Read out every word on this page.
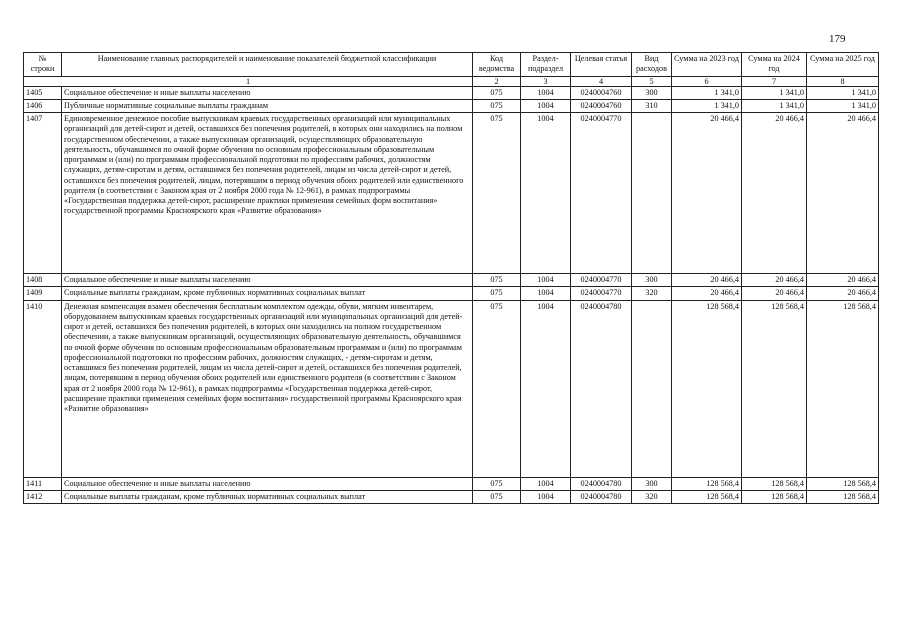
179
№ строки	Наименование главных распорядителей и наименование показателей бюджетной классификации	Код ведомства	Раздел-подраздел	Целевая статья	Вид расходов	Сумма на 2023 год	Сумма на 2024 год	Сумма на 2025 год
1		2	3	4	5	6	7	8
1405	Социальное обеспечение и иные выплаты населению	075	1004	0240004760	300	1 341,0	1 341,0	1 341,0
1406	Публичные нормативные социальные выплаты гражданам	075	1004	0240004760	310	1 341,0	1 341,0	1 341,0
1407	Единовременное денежное пособие выпускникам краевых государственных организаций или муниципальных организаций для детей-сирот и детей, оставшихся без попечения родителей, в которых они находились на полном государственном обеспечении, а также выпускникам организаций, осуществляющих образовательную деятельность, обучавшимся по очной форме обучения по основным профессиональным образовательным программам и (или) по программам профессиональной подготовки по профессиям рабочих, должностям служащих, детям-сиротам и детям, оставшимся без попечения родителей, лицам из числа детей-сирот и детей, оставшихся без попечения родителей, лицам, потерявшим в период обучения обоих родителей или единственного родителя (в соответствии с Законом края от 2 ноября 2000 года № 12-961), в рамках подпрограммы «Государственная поддержка детей-сирот, расширение практики применения семейных форм воспитания» государственной программы Красноярского края «Развитие образования»	075	1004	0240004770		20 466,4	20 466,4	20 466,4
1408	Социальное обеспечение и иные выплаты населению	075	1004	0240004770	300	20 466,4	20 466,4	20 466,4
1409	Социальные выплаты гражданам, кроме публичных нормативных социальных выплат	075	1004	0240004770	320	20 466,4	20 466,4	20 466,4
1410	Денежная компенсация взамен обеспечения бесплатным комплектом одежды, обуви, мягким инвентарем, оборудованием выпускникам краевых государственных организаций или муниципальных организаций для детей-сирот и детей, оставшихся без попечения родителей, в которых они находились на полном государственном обеспечении, а также выпускникам организаций, осуществляющих образовательную деятельность, обучавшимся по очной форме обучения по основным профессиональным образовательным программам и (или) по программам профессиональной подготовки по профессиям рабочих, должностям служащих, - детям-сиротам и детям, оставшимся без попечения родителей, лицам из числа детей-сирот и детей, оставшихся без попечения родителей, лицам, потерявшим в период обучения обоих родителей или единственного родителя (в соответствии с Законом края от 2 ноября 2000 года № 12-961), в рамках подпрограммы «Государственная поддержка детей-сирот, расширение практики применения семейных форм воспитания» государственной программы Красноярского края «Развитие образования»	075	1004	0240004780		128 568,4	128 568,4	128 568,4
1411	Социальное обеспечение и иные выплаты населению	075	1004	0240004780	300	128 568,4	128 568,4	128 568,4
1412	Социальные выплаты гражданам, кроме публичных нормативных социальных выплат	075	1004	0240004780	320	128 568,4	128 568,4	128 568,4
